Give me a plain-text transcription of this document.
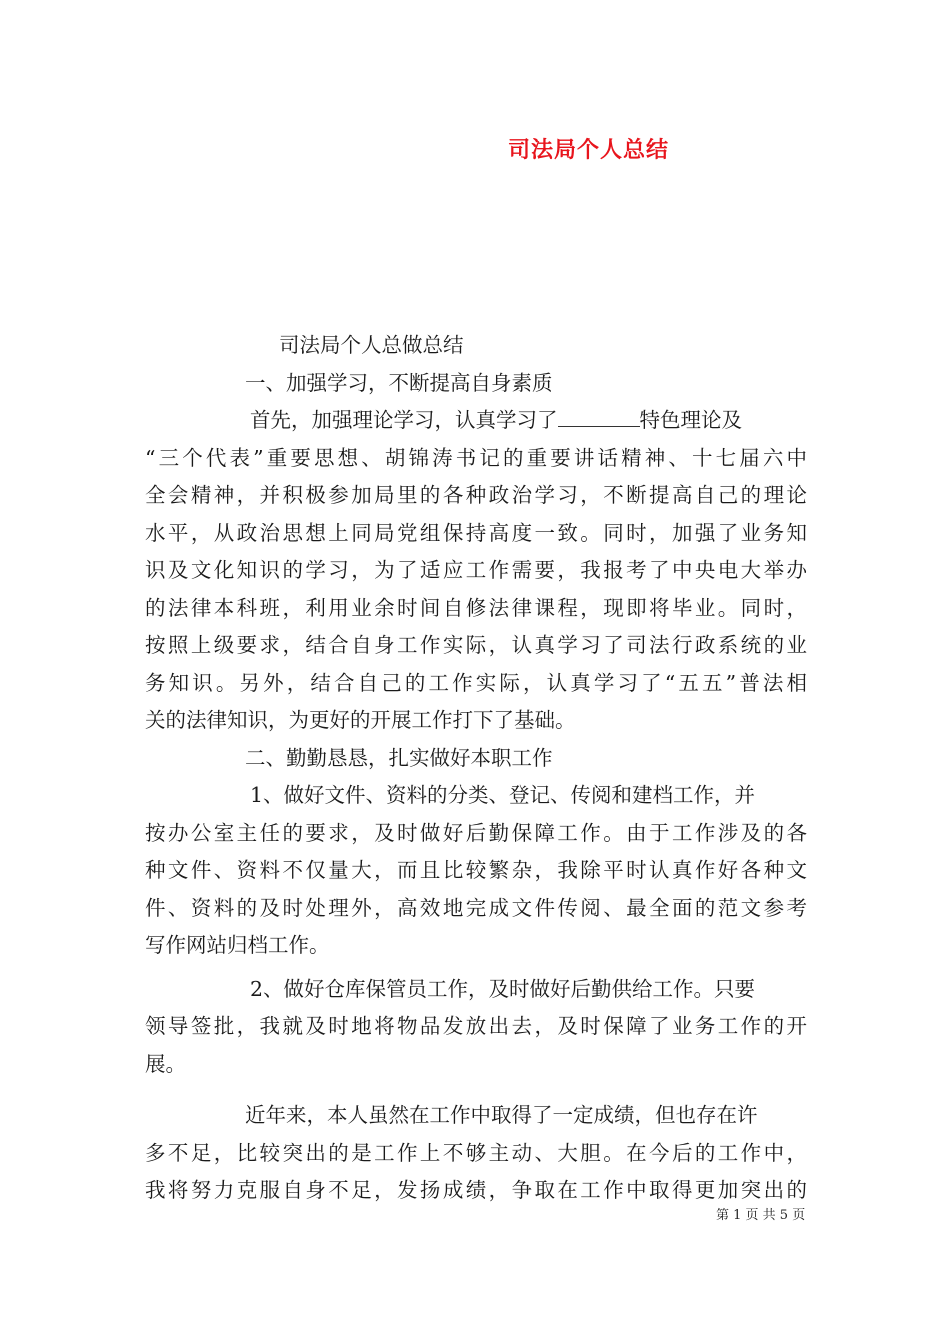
司法局个人总结
司法局个人总做总结
一、加强学习，不断提高自身素质
首先，加强理论学习，认真学习了	特色理论及
“三个代表”重要思想、胡锦涛书记的重要讲话精神、十七届六中
全会精神，并积极参加局里的各种政治学习，不断提高自己的理论
水平，从政治思想上同局党组保持高度一致。同时，加强了业务知
识及文化知识的学习，为了适应工作需要，我报考了中央电大举办
的法律本科班，利用业余时间自修法律课程，现即将毕业。同时，
按照上级要求，结合自身工作实际，认真学习了司法行政系统的业
务知识。另外，结合自己的工作实际，认真学习了“五五”普法相
关的法律知识，为更好的开展工作打下了基础。
二、勤勤恳恳，扎实做好本职工作
1、做好文件、资料的分类、登记、传阅和建档工作，并
按办公室主任的要求，及时做好后勤保障工作。由于工作涉及的各
种文件、资料不仅量大，而且比较繁杂，我除平时认真作好各种文
件、资料的及时处理外，高效地完成文件传阅、最全面的范文参考
写作网站归档工作。
2、做好仓库保管员工作，及时做好后勤供给工作。只要
领导签批，我就及时地将物品发放出去，及时保障了业务工作的开
展。
近年来，本人虽然在工作中取得了一定成绩，但也存在许
多不足，比较突出的是工作上不够主动、大胆。在今后的工作中，
我将努力克服自身不足，发扬成绩，争取在工作中取得更加突出的
第 1 页 共 5 页
